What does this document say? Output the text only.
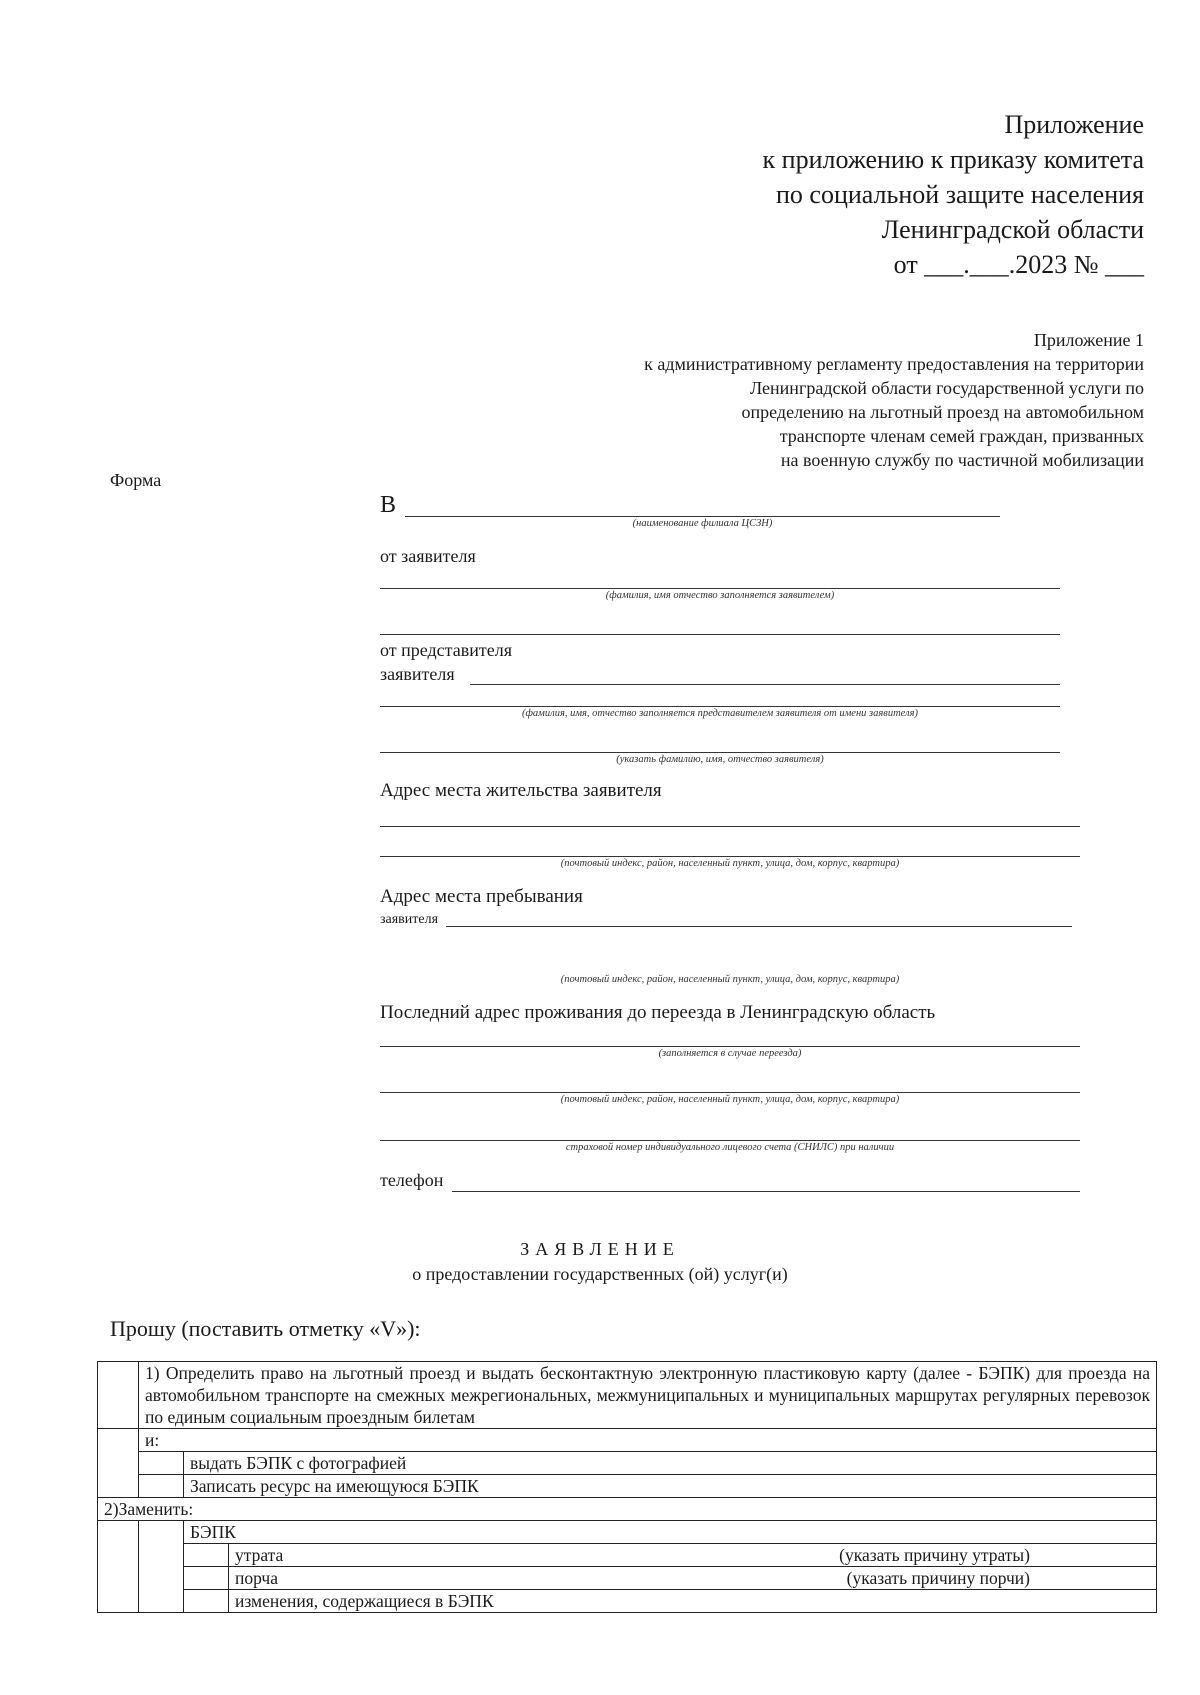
Приложение
к приложению к приказу комитета
по социальной защите населения
Ленинградской области
от ___.___.2023 № ___
Приложение 1
к административному регламенту предоставления на территории
Ленинградской области государственной услуги по
определению на льготный проезд на автомобильном
транспорте членам семей граждан, призванных
на военную службу по частичной мобилизации
Форма
В
(наименование филиала ЦСЗН)
от заявителя
(фамилия, имя отчество заполняется заявителем)
от представителя
заявителя
(фамилия, имя, отчество заполняется представителем заявителя от имени заявителя)
(указать фамилию, имя, отчество заявителя)
Адрес места жительства заявителя
(почтовый индекс, район, населенный пункт, улица, дом, корпус, квартира)
Адрес места пребывания
заявителя
(почтовый индекс, район, населенный пункт, улица, дом, корпус, квартира)
Последний адрес проживания до переезда в Ленинградскую область
(заполняется в случае переезда)
(почтовый индекс, район, населенный пункт, улица, дом, корпус, квартира)
страховой номер индивидуального лицевого счета (СНИЛС) при наличии
телефон
ЗАЯВЛЕНИЕ
о предоставлении государственных (ой) услуг(и)
Прошу (поставить отметку «V»):
	1) Определить право на льготный проезд и выдать бесконтактную электронную пластиковую карту (далее - БЭПК) для проезда на автомобильном транспорте на смежных межрегиональных, межмуниципальных и муниципальных маршрутах регулярных перевозок по единым социальным проездным билетам		
	и:		
		выдать БЭПК с фотографией	
		Записать ресурс на имеющуюся БЭПК	
2)Заменить:			
		БЭПК	

			утрата (указать причину утраты)

			порча (указать причину порчи)

			изменения, содержащиеся в БЭПК
